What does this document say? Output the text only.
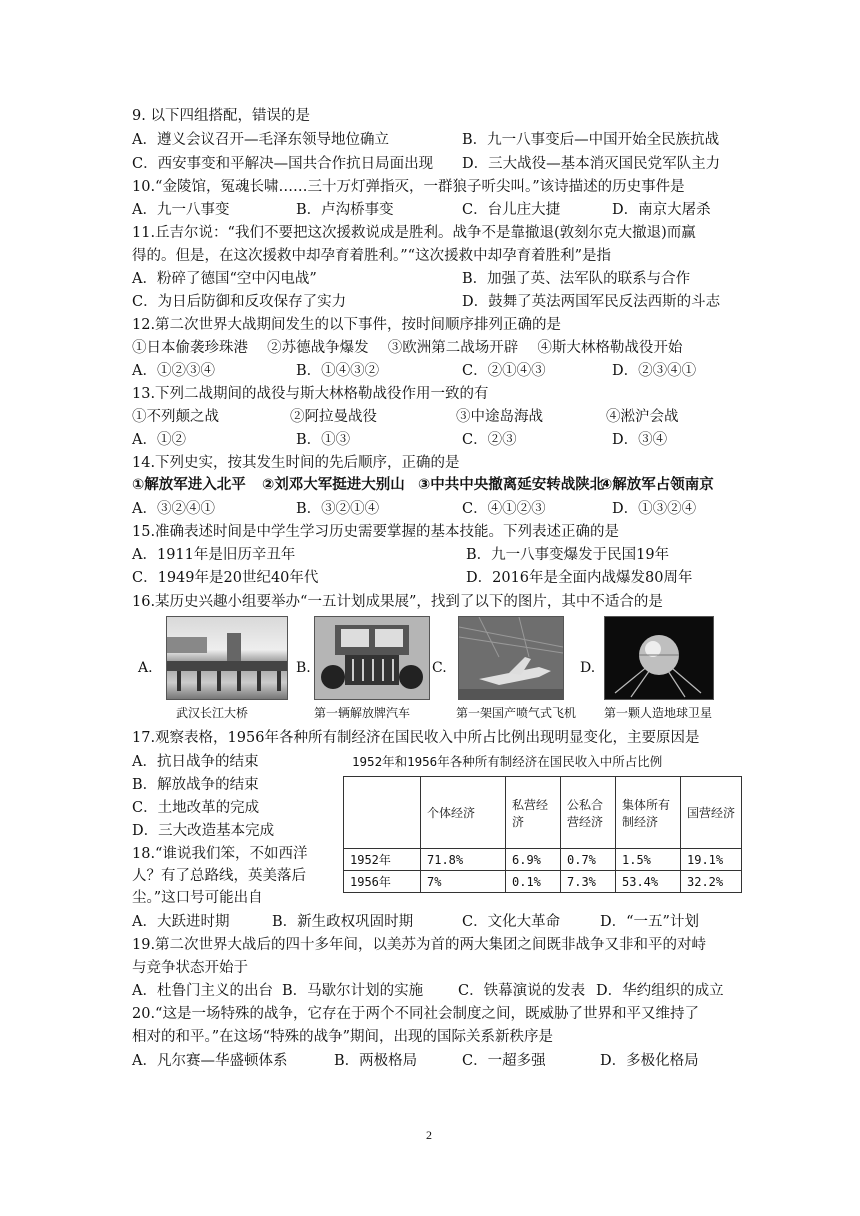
9. 以下四组搭配，错误的是
A．遵义会议召开—毛泽东领导地位确立	B．九一八事变后—中国开始全民族抗战
C．西安事变和平解决—国共合作抗日局面出现 D．三大战役—基本消灭国民党军队主力
10.“金陵馆，冤魂长啸……三十万灯弹指灭，一群狼子听尖叫。”该诗描述的历史事件是
A．九一八事变	B．卢沟桥事变	C．台儿庄大捷	D．南京大屠杀
11.丘吉尔说：“我们不要把这次援救说成是胜利。战争不是靠撤退(敦刻尔克大撤退)而赢
得的。但是，在这次援救中却孕育着胜利。”“这次援救中却孕育着胜利”是指
A．粉碎了德国“空中闪电战”	B．加强了英、法军队的联系与合作
C．为日后防御和反攻保存了实力	D．鼓舞了英法两国军民反法西斯的斗志
12.第二次世界大战期间发生的以下事件，按时间顺序排列正确的是
①日本偷袭珍珠港　 ②苏德战争爆发　 ③欧洲第二战场开辟　 ④斯大林格勒战役开始
A．①②③④	B．①④③②	C．②①④③	D．②③④①
13.下列二战期间的战役与斯大林格勒战役作用一致的有
①不列颠之战	②阿拉曼战役	③中途岛海战	④淞沪会战
A．①②	B．①③	C．②③	D．③④
14.下列史实，按其发生时间的先后顺序，正确的是
①解放军进入北平 ②刘邓大军挺进大别山 ③中共中央撤离延安转战陕北
④解放军占领南京
A．③②④①	B．③②①④	C．④①②③	D．①③②④
15.准确表述时间是中学生学习历史需要掌握的基本技能。下列表述正确的是
A．1911年是旧历辛丑年	B．九一八事变爆发于民国19年
C．1949年是20世纪40年代	D．2016年是全面内战爆发80周年
16.某历史兴趣小组要举办“一五计划成果展”，找到了以下的图片，其中不适合的是
A.
武汉长江大桥
B.
第一辆解放牌汽车
C.
第一架国产喷气式飞机
D.
第一颗人造地球卫星
17.观察表格，1956年各种所有制经济在国民收入中所占比例出现明显变化，主要原因是
A．抗日战争的结束
B．解放战争的结束
C．土地改革的完成
D．三大改造基本完成
1952年和1956年各种所有制经济在国民收入中所占比例
	个体经济	私营经济	公私合营经济	集体所有制经济	国营经济
1952年	71.8%	6.9%	0.7%	1.5%	19.1%
1956年	7%	0.1%	7.3%	53.4%	32.2%
18.“谁说我们笨，不如西洋
人？有了总路线，英美落后
尘。”这口号可能出自
A．大跃进时期	B．新生政权巩固时期	C．文化大革命	D．“一五”计划
19.第二次世界大战后的四十多年间，以美苏为首的两大集团之间既非战争又非和平的对峙
与竞争状态开始于
A．杜鲁门主义的出台 B．马歇尔计划的实施 C．铁幕演说的发表 D．华约组织的成立
20.“这是一场特殊的战争，它存在于两个不同社会制度之间，既威胁了世界和平又维持了
相对的和平。”在这场“特殊的战争”期间，出现的国际关系新秩序是
A．凡尔赛—华盛顿体系	B．两极格局	C．一超多强	D．多极化格局
2
